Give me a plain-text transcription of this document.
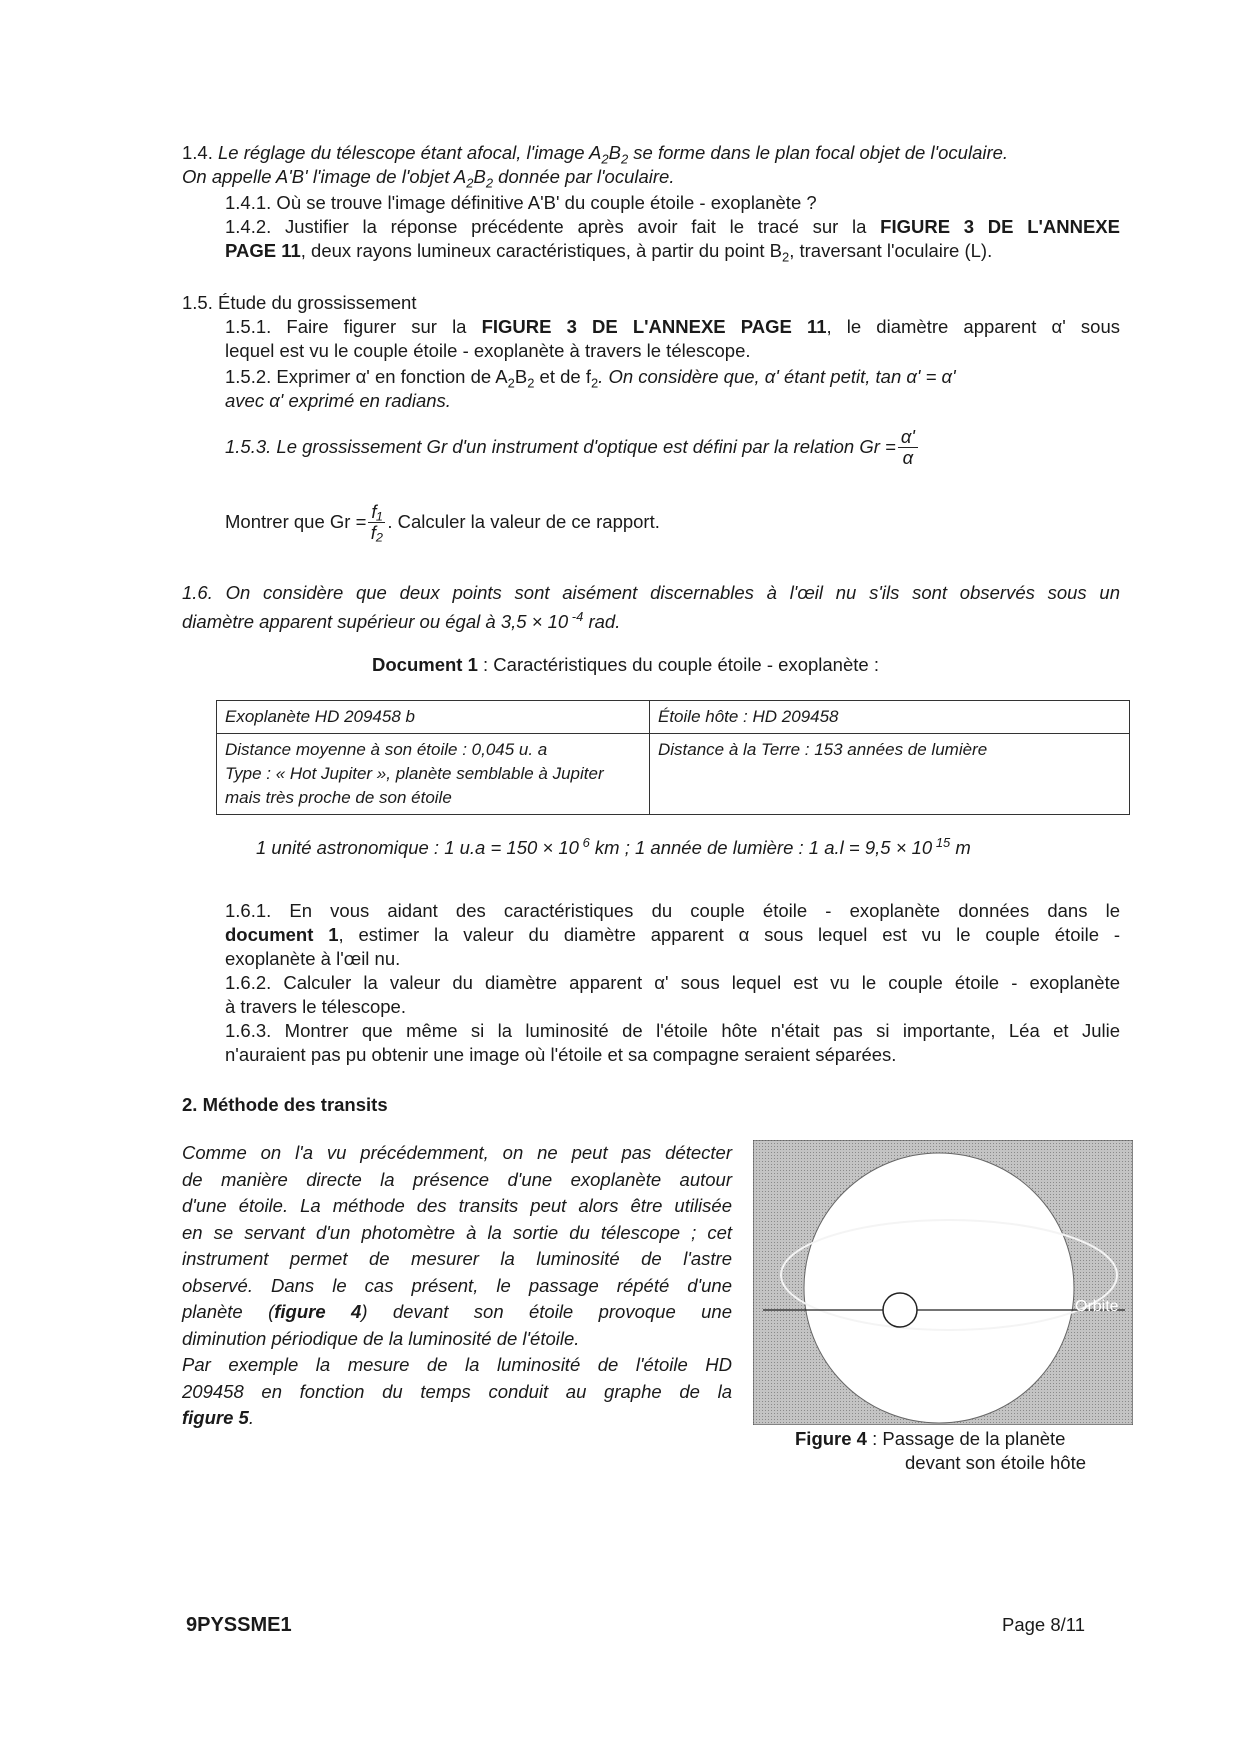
1.4. Le réglage du télescope étant afocal, l'image $A_2B_2$ se forme dans le plan focal objet de l'oculaire.
On appelle A'B' l'image de l'objet $A_2B_2$ donnée par l'oculaire.
1.4.1. Où se trouve l'image définitive A'B' du couple étoile - exoplanète ?
1.4.2. Justifier la réponse précédente après avoir fait le tracé sur la FIGURE 3 DE L'ANNEXE
PAGE 11, deux rayons lumineux caractéristiques, à partir du point $B_2$, traversant l'oculaire (L).
1.5. Étude du grossissement
1.5.1. Faire figurer sur la FIGURE 3 DE L'ANNEXE PAGE 11, le diamètre apparent α' sous
lequel est vu le couple étoile - exoplanète à travers le télescope.
1.5.2. Exprimer α' en fonction de $A_2B_2$ et de $f_2$. On considère que, α' étant petit, tan α' = α'
avec α' exprimé en radians.
1.5.3. Le grossissement Gr d'un instrument d'optique est défini par la relation $Gr = \frac{\alpha'}{\alpha}$
Montrer que $Gr = \frac{\text{f₁}}{\text{f₂}}$ . Calculer la valeur de ce rapport.
1.6. On considère que deux points sont aisément discernables à l'œil nu s'ils sont observés sous un
diamètre apparent supérieur ou égal à 3,5 × 10 $^{-4}$ rad.
Document 1 : Caractéristiques du couple étoile - exoplanète :
Exoplanète HD 209458 b	Étoile hôte : HD 209458

Distance moyenne à son étoile : 0,045 u. a
Type : « Hot Jupiter », planète semblable à Jupiter
mais très proche de son étoile	Distance à la Terre : 153 années de lumière
1 unité astronomique : 1 u.a = 150 × 10 $^6$ km ; 1 année de lumière : 1 a.l = 9,5 × 10 $^{15}$ m
1.6.1. En vous aidant des caractéristiques du couple étoile - exoplanète données dans le
document 1, estimer la valeur du diamètre apparent α sous lequel est vu le couple étoile -
exoplanète à l'œil nu.
1.6.2. Calculer la valeur du diamètre apparent α' sous lequel est vu le couple étoile - exoplanète
à travers le télescope.
1.6.3. Montrer que même si la luminosité de l'étoile hôte n'était pas si importante, Léa et Julie
n'auraient pas pu obtenir une image où l'étoile et sa compagne seraient séparées.
2. Méthode des transits
Comme on l'a vu précédemment, on ne peut pas détecter
de manière directe la présence d'une exoplanète autour
d'une étoile. La méthode des transits peut alors être utilisée
en se servant d'un photomètre à la sortie du télescope ; cet
instrument permet de mesurer la luminosité de l'astre
observé. Dans le cas présent, le passage répété d'une
planète (figure 4) devant son étoile provoque une
diminution périodique de la luminosité de l'étoile.
Par exemple la mesure de la luminosité de l'étoile HD
209458 en fonction du temps conduit au graphe de la
figure 5.
Orbite
Figure 4 : Passage de la planète
devant son étoile hôte
9PYSSME1	Page 8/11
